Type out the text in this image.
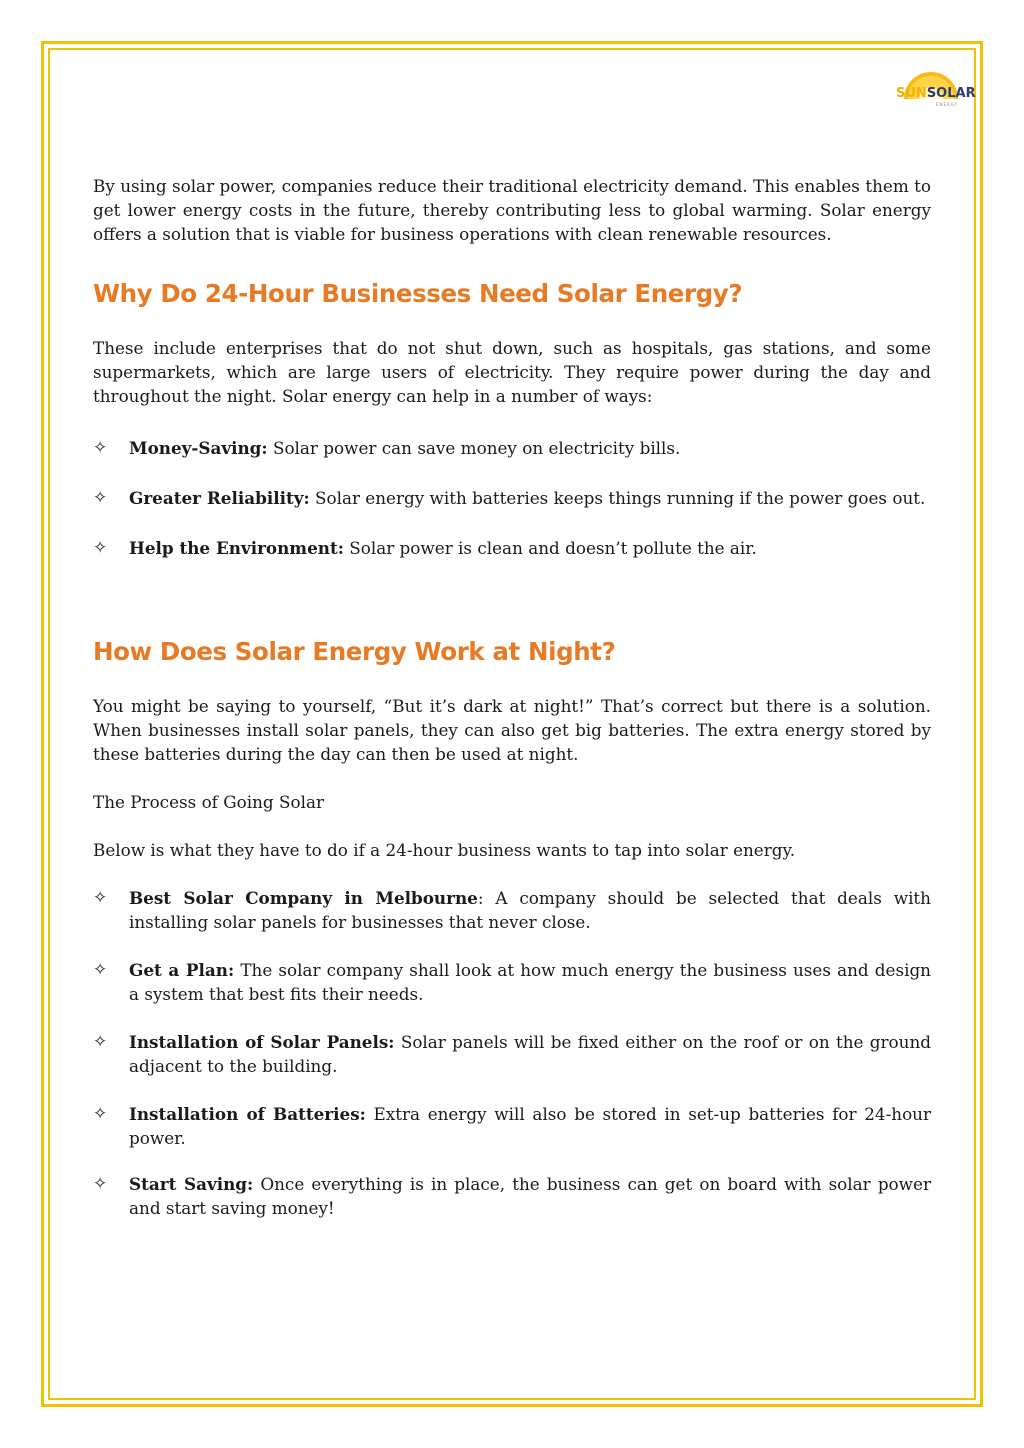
SUNSOLAR
ENERGY

By using solar power, companies reduce their traditional electricity demand. This enables them to get lower energy costs in the future, thereby contributing less to global warming. Solar energy offers a solution that is viable for business operations with clean renewable resources.

Why Do 24-Hour Businesses Need Solar Energy?

These include enterprises that do not shut down, such as hospitals, gas stations, and some supermarkets, which are large users of electricity. They require power during the day and throughout the night. Solar energy can help in a number of ways:

✧	Money-Saving: Solar power can save money on electricity bills.
✧	Greater Reliability: Solar energy with batteries keeps things running if the power goes out.
✧	Help the Environment: Solar power is clean and doesn’t pollute the air.
How Does Solar Energy Work at Night?

You might be saying to yourself, “But it’s dark at night!” That’s correct but there is a solution. When businesses install solar panels, they can also get big batteries. The extra energy stored by these batteries during the day can then be used at night.

The Process of Going Solar

Below is what they have to do if a 24-hour business wants to tap into solar energy.

✧	Best Solar Company in Melbourne: A company should be selected that deals with installing solar panels for businesses that never close.
✧	Get a Plan: The solar company shall look at how much energy the business uses and design a system that best fits their needs.
✧	Installation of Solar Panels: Solar panels will be fixed either on the roof or on the ground adjacent to the building.
✧	Installation of Batteries: Extra energy will also be stored in set-up batteries for 24-hour power.
✧	Start Saving: Once everything is in place, the business can get on board with solar power and start saving money!
